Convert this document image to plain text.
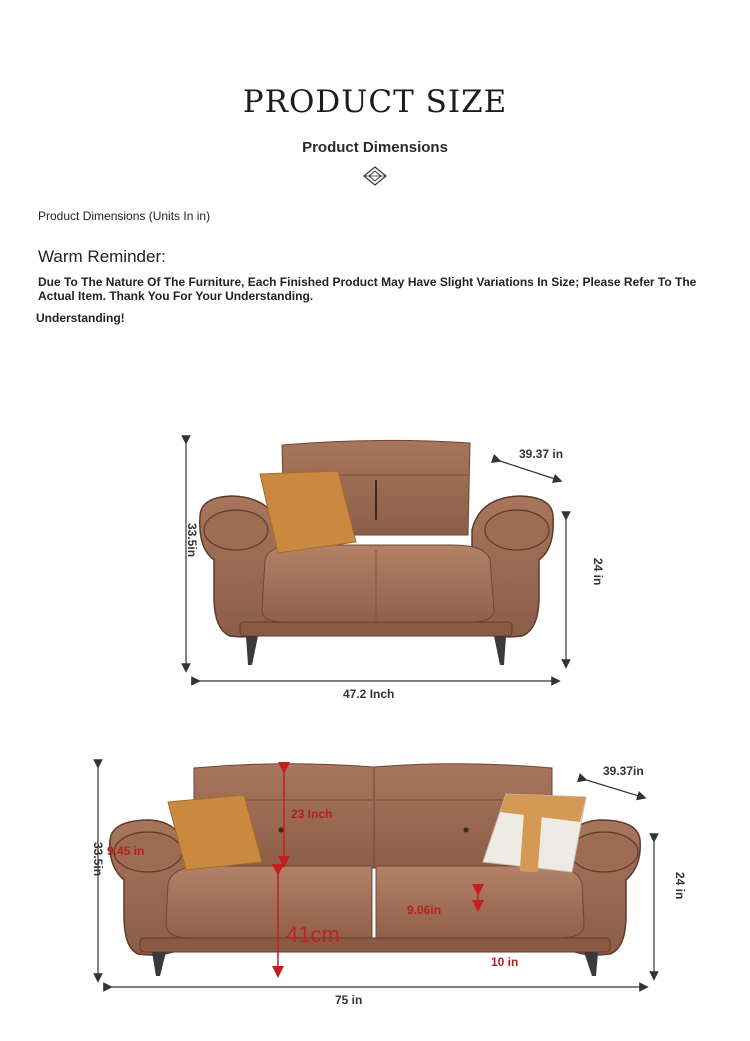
PRODUCT SIZE
Product Dimensions
Product Dimensions (Units In in)
Warm Reminder:
Due To The Nature Of The Furniture, Each Finished Product May Have Slight Variations In Size; Please Refer To The Actual Item. Thank You For Your Understanding.
Understanding!
33.5in
39.37 in
24 in
47.2 Inch
33.5in
39.37in
24 in
75 in
23 Inch
41cm
9.45 in
9.06in
10 in
